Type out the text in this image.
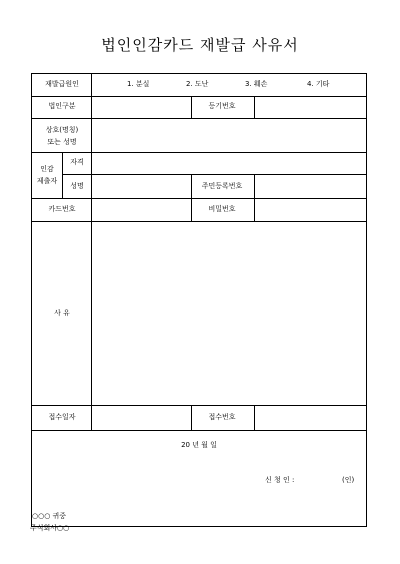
법인인감카드 재발급 사유서
재발급원인	1. 분실	2. 도난	3. 훼손	4. 기타
법인구분	등기번호
상호(명칭)
또는 성명
인감
제출자
자격
성명	주민등록번호
카드번호	비밀번호
사 유
접수일자	접수번호
20 년 월 일
신 청 인 :	(인)
○○○ 귀중
주식회사○○
